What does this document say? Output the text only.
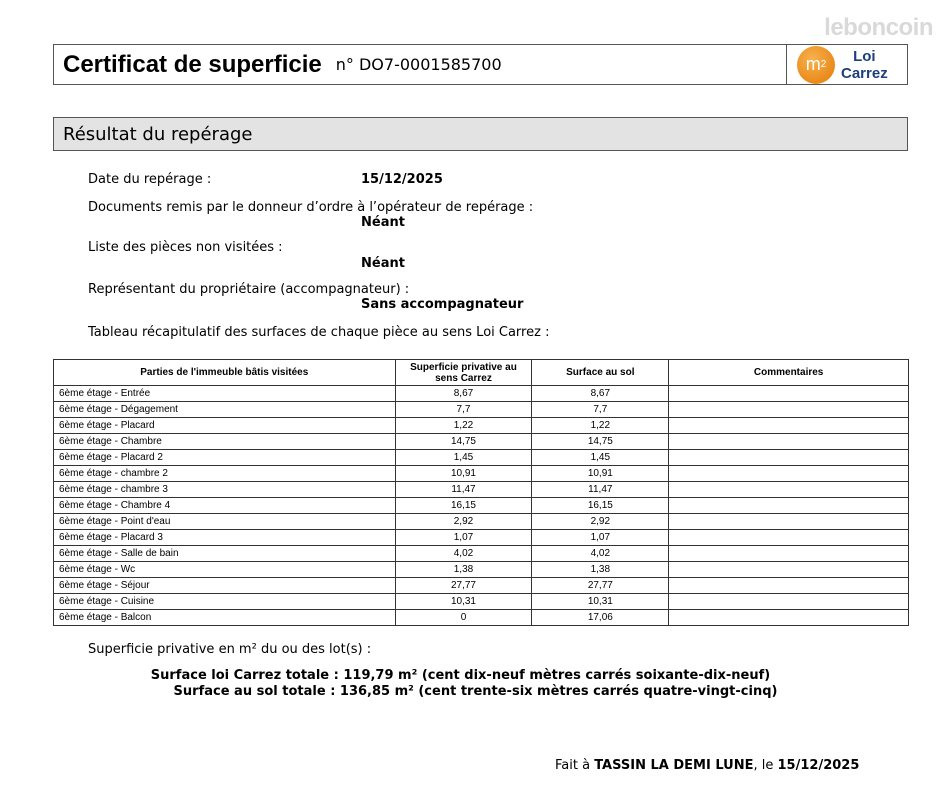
leboncoin
Certificat de superficie n° DO7-0001585700	m 2	Loi
Carrez
Résultat du repérage
Date du repérage :	15/12/2025
Documents remis par le donneur d’ordre à l’opérateur de repérage :
Néant
Liste des pièces non visitées :
Néant
Représentant du propriétaire (accompagnateur) :
Sans accompagnateur
Tableau récapitulatif des surfaces de chaque pièce au sens Loi Carrez :
Parties de l'immeuble bâtis visitées	Superficie privative au sens Carrez	Surface au sol	Commentaires
6ème étage - Entrée	8,67	8,67	
6ème étage - Dégagement	7,7	7,7	
6ème étage - Placard	1,22	1,22	
6ème étage - Chambre	14,75	14,75	
6ème étage - Placard 2	1,45	1,45	
6ème étage - chambre 2	10,91	10,91	
6ème étage - chambre 3	11,47	11,47	
6ème étage - Chambre 4	16,15	16,15	
6ème étage - Point d'eau	2,92	2,92	
6ème étage - Placard 3	1,07	1,07	
6ème étage - Salle de bain	4,02	4,02	
6ème étage - Wc	1,38	1,38	
6ème étage - Séjour	27,77	27,77	
6ème étage - Cuisine	10,31	10,31	
6ème étage - Balcon	0	17,06	
Superficie privative en m² du ou des lot(s) :
Surface loi Carrez totale : 119,79 m² (cent dix-neuf mètres carrés soixante-dix-neuf)
Surface au sol totale : 136,85 m² (cent trente-six mètres carrés quatre-vingt-cinq)
Fait à TASSIN LA DEMI LUNE, le 15/12/2025
